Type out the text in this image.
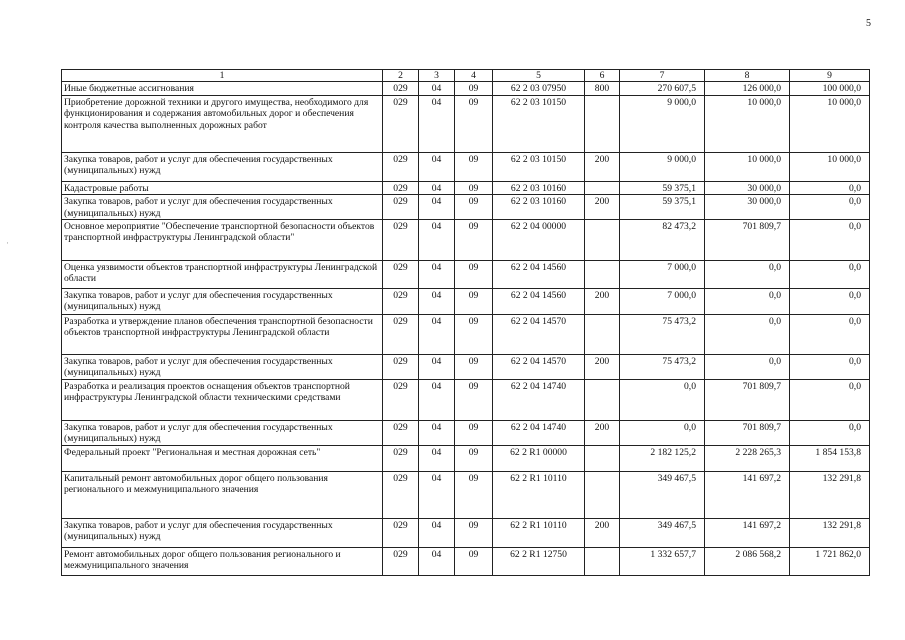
5
·
1	2	3	4	5	6	7	8	9
Иные бюджетные ассигнования	029	04	09	62 2 03 07950	800	270 607,5	126 000,0	100 000,0
Приобретение дорожной техники и другого имущества, необходимого для функционирования и содержания автомобильных дорог и обеспечения контроля качества выполненных дорожных работ	029	04	09	62 2 03 10150		9 000,0	10 000,0	10 000,0
Закупка товаров, работ и услуг для обеспечения государственных (муниципальных) нужд	029	04	09	62 2 03 10150	200	9 000,0	10 000,0	10 000,0
Кадастровые работы	029	04	09	62 2 03 10160		59 375,1	30 000,0	0,0
Закупка товаров, работ и услуг для обеспечения государственных (муниципальных) нужд	029	04	09	62 2 03 10160	200	59 375,1	30 000,0	0,0
Основное мероприятие "Обеспечение транспортной безопасности объектов транспортной инфраструктуры Ленинградской области"	029	04	09	62 2 04 00000		82 473,2	701 809,7	0,0
Оценка уязвимости объектов транспортной инфраструктуры Ленинградской области	029	04	09	62 2 04 14560		7 000,0	0,0	0,0
Закупка товаров, работ и услуг для обеспечения государственных (муниципальных) нужд	029	04	09	62 2 04 14560	200	7 000,0	0,0	0,0
Разработка и утверждение планов обеспечения транспортной безопасности объектов транспортной инфраструктуры Ленинградской области	029	04	09	62 2 04 14570		75 473,2	0,0	0,0
Закупка товаров, работ и услуг для обеспечения государственных (муниципальных) нужд	029	04	09	62 2 04 14570	200	75 473,2	0,0	0,0
Разработка и реализация проектов оснащения объектов транспортной инфраструктуры Ленинградской области техническими средствами	029	04	09	62 2 04 14740		0,0	701 809,7	0,0
Закупка товаров, работ и услуг для обеспечения государственных (муниципальных) нужд	029	04	09	62 2 04 14740	200	0,0	701 809,7	0,0
Федеральный проект "Региональная и местная дорожная сеть"	029	04	09	62 2 R1 00000		2 182 125,2	2 228 265,3	1 854 153,8
Капитальный ремонт автомобильных дорог общего пользования регионального и межмуниципального значения	029	04	09	62 2 R1 10110		349 467,5	141 697,2	132 291,8
Закупка товаров, работ и услуг для обеспечения государственных (муниципальных) нужд	029	04	09	62 2 R1 10110	200	349 467,5	141 697,2	132 291,8
Ремонт автомобильных дорог общего пользования регионального и межмуниципального значения	029	04	09	62 2 R1 12750		1 332 657,7	2 086 568,2	1 721 862,0
